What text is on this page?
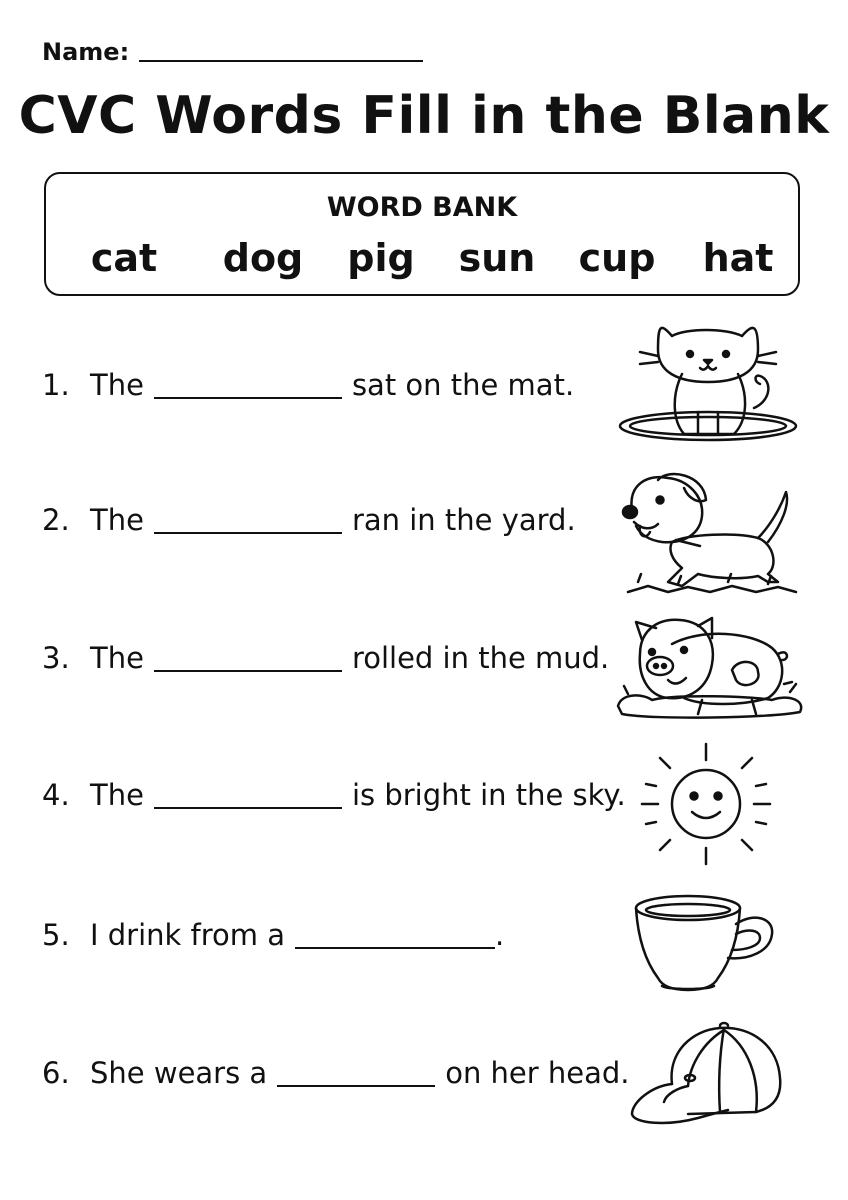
Name:
CVC Words Fill in the Blank
WORD BANK
cat dog pig sun cup hat
1. The	sat on the mat.
2. The	ran in the yard.
3. The	rolled in the mud.
4. The	is bright in the sky.
5. I drink from a	.
6. She wears a	on her head.
